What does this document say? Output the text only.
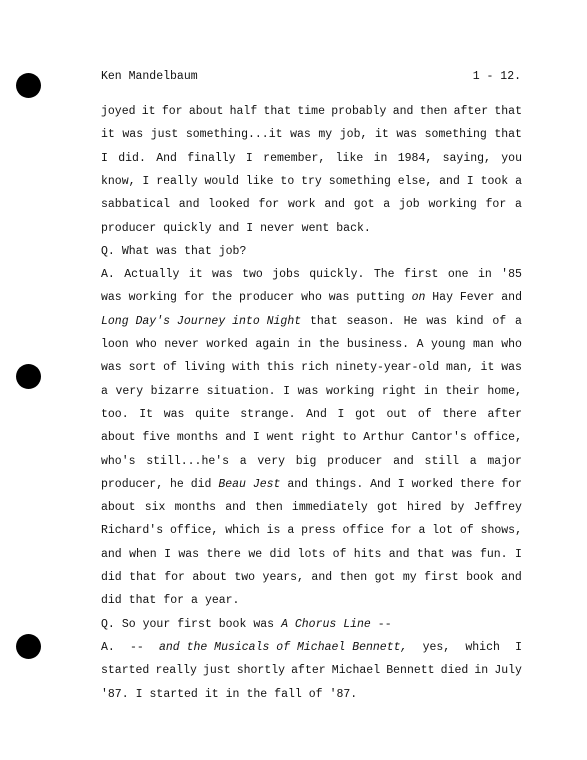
Ken Mandelbaum	1 - 12.
joyed it for about half that time probably and then after that
it was just something...it was my job, it was something that
I did. And finally I remember, like in 1984, saying, you
know, I really would like to try something else, and I took a
sabbatical and looked for work and got a job working for a
producer quickly and I never went back.
Q. What was that job?
A. Actually it was two jobs quickly. The first one in '85
was working for the producer who was putting on Hay Fever and
Long Day's Journey into Night that season. He was kind of a
loon who never worked again in the business. A young man who
was sort of living with this rich ninety-year-old man, it was
a very bizarre situation. I was working right in their home,
too. It was quite strange. And I got out of there after
about five months and I went right to Arthur Cantor's office,
who's still...he's a very big producer and still a major
producer, he did Beau Jest and things. And I worked there for
about six months and then immediately got hired by Jeffrey
Richard's office, which is a press office for a lot of shows,
and when I was there we did lots of hits and that was fun. I
did that for about two years, and then got my first book and
did that for a year.
Q. So your first book was A Chorus Line --
A. -- and the Musicals of Michael Bennett, yes, which I
started really just shortly after Michael Bennett died in July
'87. I started it in the fall of '87.
